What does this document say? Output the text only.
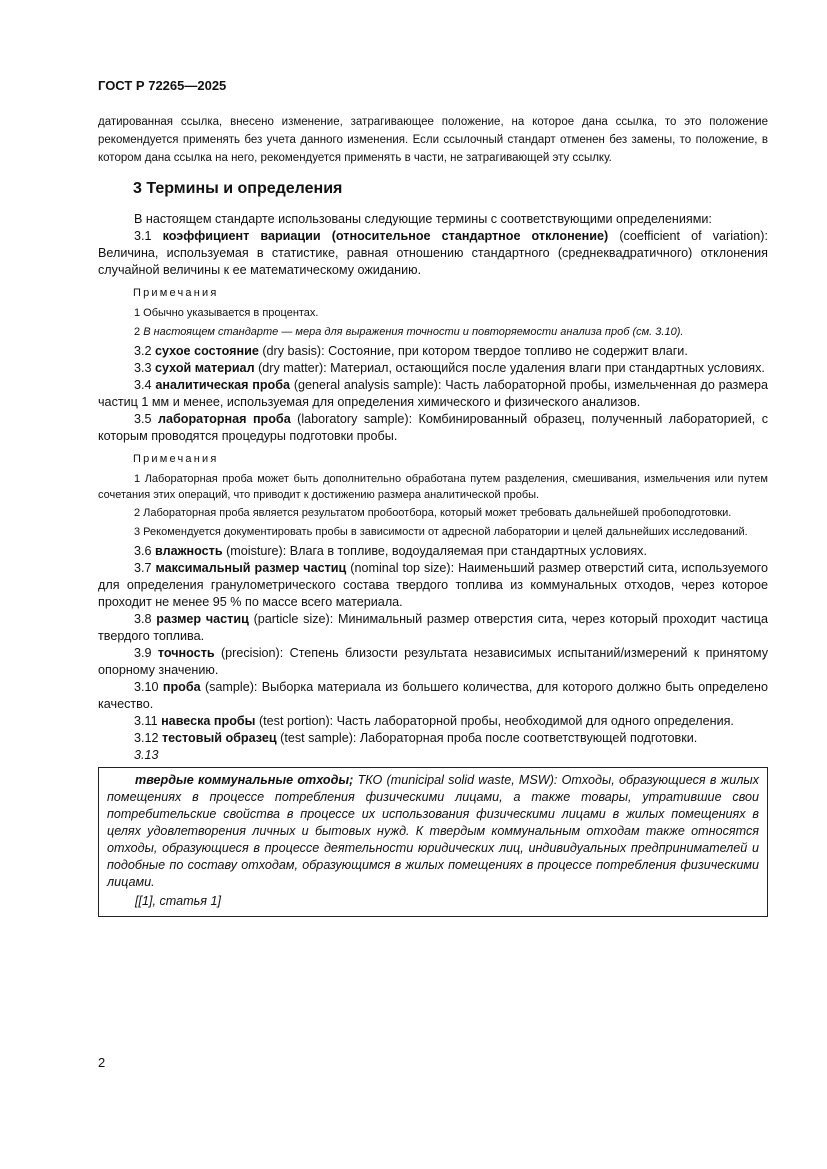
ГОСТ Р 72265—2025
датированная ссылка, внесено изменение, затрагивающее положение, на которое дана ссылка, то это положение рекомендуется применять без учета данного изменения. Если ссылочный стандарт отменен без замены, то положение, в котором дана ссылка на него, рекомендуется применять в части, не затрагивающей эту ссылку.
3 Термины и определения

В настоящем стандарте использованы следующие термины с соответствующими определениями:

3.1 коэффициент вариации (относительное стандартное отклонение) (coefficient of variation): Величина, используемая в статистике, равная отношению стандартного (среднеквадратичного) отклонения случайной величины к ее математическому ожиданию.

Примечания

1 Обычно указывается в процентах.

2 В настоящем стандарте — мера для выражения точности и повторяемости анализа проб (см. 3.10).

3.2 сухое состояние (dry basis): Состояние, при котором твердое топливо не содержит влаги.

3.3 сухой материал (dry matter): Материал, остающийся после удаления влаги при стандартных условиях.

3.4 аналитическая проба (general analysis sample): Часть лабораторной пробы, измельченная до размера частиц 1 мм и менее, используемая для определения химического и физического анализов.

3.5 лабораторная проба (laboratory sample): Комбинированный образец, полученный лабораторией, с которым проводятся процедуры подготовки пробы.

Примечания

1 Лабораторная проба может быть дополнительно обработана путем разделения, смешивания, измельчения или путем сочетания этих операций, что приводит к достижению размера аналитической пробы.

2 Лабораторная проба является результатом пробоотбора, который может требовать дальнейшей пробоподготовки.

3 Рекомендуется документировать пробы в зависимости от адресной лаборатории и целей дальнейших исследований.

3.6 влажность (moisture): Влага в топливе, водоудаляемая при стандартных условиях.

3.7 максимальный размер частиц (nominal top size): Наименьший размер отверстий сита, используемого для определения гранулометрического состава твердого топлива из коммунальных отходов, через которое проходит не менее 95 % по массе всего материала.

3.8 размер частиц (particle size): Минимальный размер отверстия сита, через который проходит частица твердого топлива.

3.9 точность (precision): Степень близости результата независимых испытаний/измерений к принятому опорному значению.

3.10 проба (sample): Выборка материала из большего количества, для которого должно быть определено качество.

3.11 навеска пробы (test portion): Часть лабораторной пробы, необходимой для одного определения.

3.12 тестовый образец (test sample): Лабораторная проба после соответствующей подготовки.

3.13

твердые коммунальные отходы; ТКО (municipal solid waste, MSW): Отходы, образующиеся в жилых помещениях в процессе потребления физическими лицами, а также товары, утратившие свои потребительские свойства в процессе их использования физическими лицами в жилых помещениях в целях удовлетворения личных и бытовых нужд. К твердым коммунальным отходам также относятся отходы, образующиеся в процессе деятельности юридических лиц, индивидуальных предпринимателей и подобные по составу отходам, образующимся в жилых помещениях в процессе потребления физическими лицами.

[[1], статья 1]

2
